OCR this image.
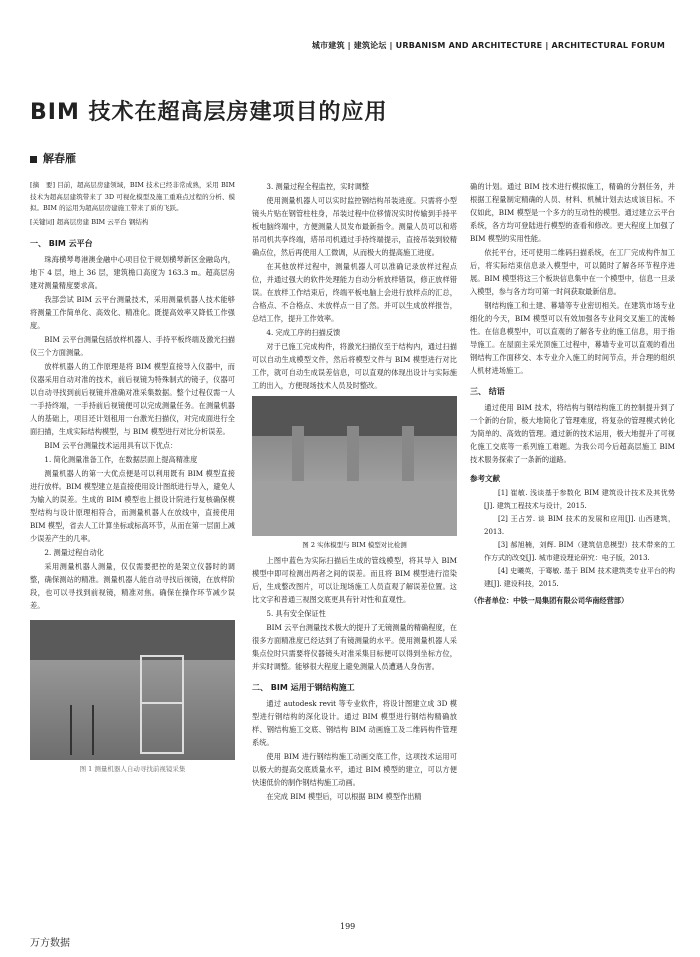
城市建筑 | 建筑论坛 | URBANISM AND ARCHITECTURE | ARCHITECTURAL FORUM
BIM 技术在超高层房建项目的应用
解春雁

[摘　要] 目前，超高层房建领域，BIM 技术已经非常成熟，采用 BIM 技术为超高层建筑带来了 3D 可视化模型及施工重难点过程的分析、模拟。BIM 的运用为超高层房建施工带来了质的飞跃。

[关键词] 超高层房建 BIM 云平台 钢结构

一、 BIM 云平台

珠海横琴粤港澳金融中心项目位于规划横琴新区金融岛内，地下 4 层，地上 36 层，建筑檐口高度为 163.3 m。超高层房建对测量精度要求高。

我部尝试 BIM 云平台测量技术，采用测量机器人技术能够将测量工作简单化、高效化、精准化。既提高效率又降低工作强度。

BIM 云平台测量包括放样机器人、手持平板终端及激光扫描仪三个方面测量。

放样机器人的工作原理是将 BIM 模型直接导入仪器中，而仪器采用自动对准的技术，前后视镜为特殊制式的镜子，仪器可以自动寻找到前后视镜并准确对准采集数据。整个过程仅需一人一手持终端，一手持前后视镜便可以完成测量任务。在测量机器人的基础上，项目还计划租用一台激光扫描仪，对完成面进行全面扫描，生成实际结构模型，与 BIM 模型进行对比分析误差。

BIM 云平台测量技术运用具有以下优点：

1. 简化测量准备工作，在数据层面上提高精准度

测量机器人的第一大优点便是可以利用既有 BIM 模型直接进行放样。BIM 模型建立是直接使用设计图纸进行导入，避免人为输入的误差。生成的 BIM 模型也上报设计院进行复核确保模型结构与设计原理相符合，而测量机器人在放线中，直接使用 BIM 模型，省去人工计算坐标或标高环节，从而在第一层面上减少误差产生的几率。

2. 测量过程自动化

采用测量机器人测量，仅仅需要把控的是架立仪器时的调整，确保测站的精准。测量机器人能自动寻找后视镜，在放样阶段，也可以寻找到前视镜，精准对焦。确保在操作环节减少误差。

图 1 测量机器人自动寻找前视镜采集

3. 测量过程全程监控，实时调整

使用测量机器人可以实时监控钢结构吊装进度。只需将小型镜头片贴在钢管柱柱身，吊装过程中位移情况实时传输到手持平板电脑终端中，方便测量人员发布最新指令。测量人员可以和塔吊司机共享终端，塔吊司机通过手持终端提示，直接吊装到较精确点位，然后再使用人工微调，从而极大的提高施工进度。

在其他放样过程中，测量机器人可以准确记录放样过程点位，并通过强大的软件处理能力自动分析放样错误，修正放样错误。在放样工作结束后，终端平板电脑上会进行放样点的汇总，合格点、不合格点、未放样点一目了然。并可以生成放样报告，总结工作，提升工作效率。

4. 完成工序的扫描反馈

对于已施工完成构件，将激光扫描仪至于结构内，通过扫描可以自动生成模型文件，然后将模型文件与 BIM 模型进行对比工作，就可自动生成误差信息，可以直观的体现出设计与实际施工的出入，方便现场技术人员及时整改。

图 2 实体模型与 BIM 模型对比检测

上图中蓝色为实际扫描后生成的管线模型，将其导入 BIM 模型中即可检测出两者之间的误差。而且将 BIM 模型进行渲染后，生成整改图片，可以让现场施工人员直观了解误差位置。这比文字和普通三视图交底更具有针对性和直观性。

5. 具有安全保证性

BIM 云平台测量技术极大的提升了无镜测量的精确程度，在很多方面精准度已经达到了有镜测量的水平。使用测量机器人采集点位时只需要将仪器镜头对准采集目标便可以得到坐标方位，并实时调整。能够很大程度上避免测量人员遭遇人身伤害。

二、 BIM 运用于钢结构施工

通过 autodesk revit 等专业软件，将设计图建立成 3D 模型进行钢结构的深化设计。通过 BIM 模型进行钢结构精确放样、钢结构施工交底、钢结构 BIM 动画施工及二维码构件管理系统。

使用 BIM 进行钢结构施工动画交底工作，这项技术运用可以极大的提高交底质量水平，通过 BIM 模型的建立，可以方便快速低价的制作钢结构施工动画。

在完成 BIM 模型后，可以根据 BIM 模型作出精

确的计划。通过 BIM 技术进行模拟施工，精确的分割任务，并根据工程量制定精确的人员、材料、机械计划去达成该目标。不仅如此，BIM 模型是一个多方的互动性的模型。通过建立云平台系统，各方均可登陆进行模型的查看和修改。更大程度上加强了 BIM 模型的实用性能。

依托平台，还可使用二维码扫描系统，在工厂完成构件加工后，将实际结束信息录入模型中，可以随时了解各环节程序进展。BIM 模型将这三个板块信息集中在一个模型中，信息一旦录入模型，参与各方均可第一时间获取最新信息。

钢结构施工和土建、幕墙等专业密切相关。在建筑市场专业细化的今天，BIM 模型可以有效加强各专业间交叉施工的流畅性。在信息模型中，可以直观的了解各专业的施工信息，用于指导施工。在屋面主采光顶施工过程中，幕墙专业可以直观的看出钢结构工作面移交、本专业介入施工的时间节点，并合理的组织人机材进场施工。

三、 结语

通过使用 BIM 技术，将结构与钢结构施工的控制提升到了一个新的台阶，极大地简化了管理难度，将复杂的管理模式转化为简单的、高效的管理。通过新的技术运用，极大地提升了可视化施工交底等一系列施工难题。为我公司今后超高层施工 BIM 技术服务探索了一条新的道路。

参考文献

[1] 崔敏. 浅谈基于参数化 BIM 建筑设计技术及其优势[J]. 建筑工程技术与设计，2015.

[2] 王占芳. 谈 BIM 技术的发展和应用[J]. 山西建筑，2013.

[3] 郝旭楠，刘辉. BIM（建筑信息模型）技术带来的工作方式的改变[J]. 城市建设理论研究：电子版，2013.

[4] 史曦英，于骞敏. 基于 BIM 技术建筑类专业平台的构建[J]. 建设科技，2015.

（作者单位：中铁一局集团有限公司华南经营部）
199
万方数据
